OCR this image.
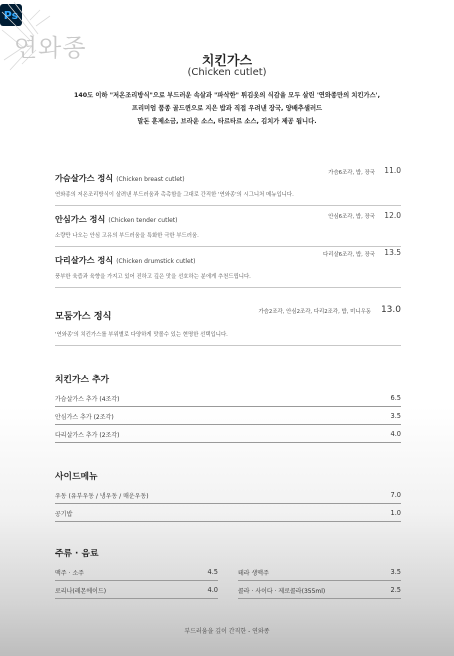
Ps
연와종	치킨가스
(Chicken cutlet)
140도 이하 "저온조리방식"으로 부드러운 속살과 "파삭한" 튀김옷의 식감을 모두 살린 '연와종만의 치킨가스',
프리미엄 품종 골드퀸으로 지은 밥과 직접 우려낸 장국, 양배추샐러드
말돈 훈제소금, 브라운 소스, 타르타르 소스, 김치가 제공 됩니다.
가슴살가스 정식 (Chicken breast cutlet)
가슴6조각, 밥, 장국 11.0
연와종의 저온조리방식이 살려낸 부드러움과 촉촉함을 그대로 간직한 '연와종'의 시그니처 메뉴입니다.
안심가스 정식 (Chicken tender cutlet)	안심6조각, 밥, 장국 12.0
소량만 나오는 안심 고유의 부드러움을 특화한 극한 부드러움.
다리살가스 정식 (Chicken drumstick cutlet)
다리살6조각, 밥, 장국 13.5
풍부한 육즙과 육향을 가지고 있어 진하고 깊은 맛을 선호하는 분에게 추천드립니다.
모둠가스 정식	가슴2조각, 안심2조각, 다리2조각, 밥, 미니우동 13.0
'연와종'의 치킨가스를 부위별로 다양하게 맛볼수 있는 현명한 선택입니다.
치킨가스 추가
가슴살가스 추가 (4조각)	6.5
안심가스 추가 (2조각)	3.5
다리살가스 추가 (2조각)	4.0
사이드메뉴
우동 (유부우동 / 냉우동 / 매운우동)	7.0
공기밥	1.0
주류 · 음료
맥주 · 소주	4.5
로리나(레몬에이드)	4.0
테라 생맥주	3.5
콜라 · 사이다 · 제로콜라(355ml)	2.5
부드러움을 깊이 간직한 - 연와종
